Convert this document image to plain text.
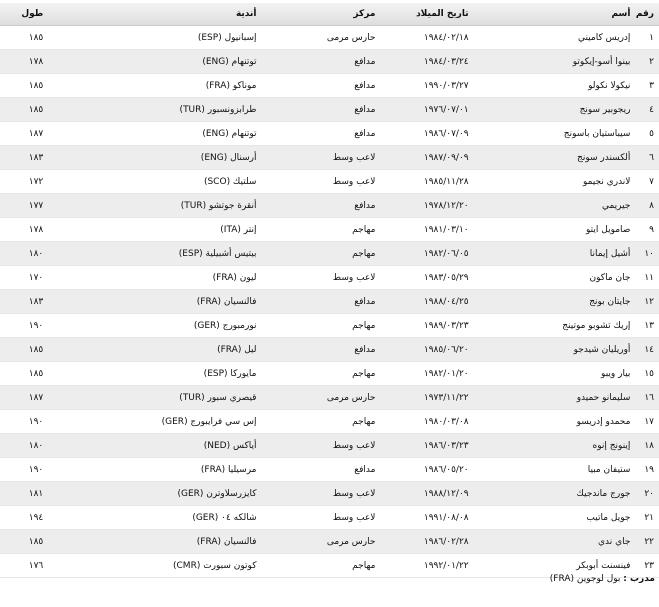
رقم	أسم	تاريخ الميلاد	مركز	أندية	طول
١	إدريس كاميني	١٩٨٤/٠٢/١٨	حارس مرمى	إسبانيول (ESP)	١٨٥
٢	بينوا أسو-إيكوتو	١٩٨٤/٠٣/٢٤	مدافع	توتنهام (ENG)	١٧٨
٣	نيكولا نكولو	١٩٩٠/٠٣/٢٧	مدافع	موناكو (FRA)	١٨٥
٤	ريجوبير سونج	١٩٧٦/٠٧/٠١	مدافع	طرابزونسبور (TUR)	١٨٥
٥	سيباستيان باسونج	١٩٨٦/٠٧/٠٩	مدافع	توتنهام (ENG)	١٨٧
٦	ألكسندر سونج	١٩٨٧/٠٩/٠٩	لاعب وسط	أرسنال (ENG)	١٨٣
٧	لاندري نجيمو	١٩٨٥/١١/٢٨	لاعب وسط	سلتيك (SCO)	١٧٢
٨	جيريمي	١٩٧٨/١٢/٢٠	مدافع	أنقرة جوتشو (TUR)	١٧٧
٩	صامويل ايتو	١٩٨١/٠٣/١٠	مهاجم	إنتر (ITA)	١٧٨
١٠	أشيل إيمانا	١٩٨٢/٠٦/٠٥	مهاجم	بيتيس أشبيلية (ESP)	١٨٠
١١	جان ماكون	١٩٨٣/٠٥/٢٩	لاعب وسط	ليون (FRA)	١٧٠
١٢	جايتان بونج	١٩٨٨/٠٤/٢٥	مدافع	فالنسيان (FRA)	١٨٣
١٣	إريك تشوبو موتينج	١٩٨٩/٠٣/٢٣	مهاجم	نورمبورج (GER)	١٩٠
١٤	أوريليان شيدجو	١٩٨٥/٠٦/٢٠	مدافع	ليل (FRA)	١٨٥
١٥	بيار ويبو	١٩٨٢/٠١/٢٠	مهاجم	مايوركا (ESP)	١٨٥
١٦	سليمانو حميدو	١٩٧٣/١١/٢٢	حارس مرمى	قيصري سبور (TUR)	١٨٧
١٧	محمدو إدريسو	١٩٨٠/٠٣/٠٨	مهاجم	إس سي فرايبورج (GER)	١٩٠
١٨	إينونج إنوه	١٩٨٦/٠٣/٢٣	لاعب وسط	أياكس (NED)	١٨٠
١٩	ستيفان مبيا	١٩٨٦/٠٥/٢٠	مدافع	مرسيليا (FRA)	١٩٠
٢٠	جورج ماندجيك	١٩٨٨/١٢/٠٩	لاعب وسط	كايزرسلاوترن (GER)	١٨١
٢١	جويل ماتيب	١٩٩١/٠٨/٠٨	لاعب وسط	شالكه ٠٤ (GER)	١٩٤
٢٢	جاي ندي	١٩٨٦/٠٢/٢٨	حارس مرمى	فالنسيان (FRA)	١٨٥
٢٣	فينسنت أبوبكر	١٩٩٢/٠١/٢٢	مهاجم	كوتون سبورت (CMR)	١٧٦
مدرب : بول لوجوين (FRA)
